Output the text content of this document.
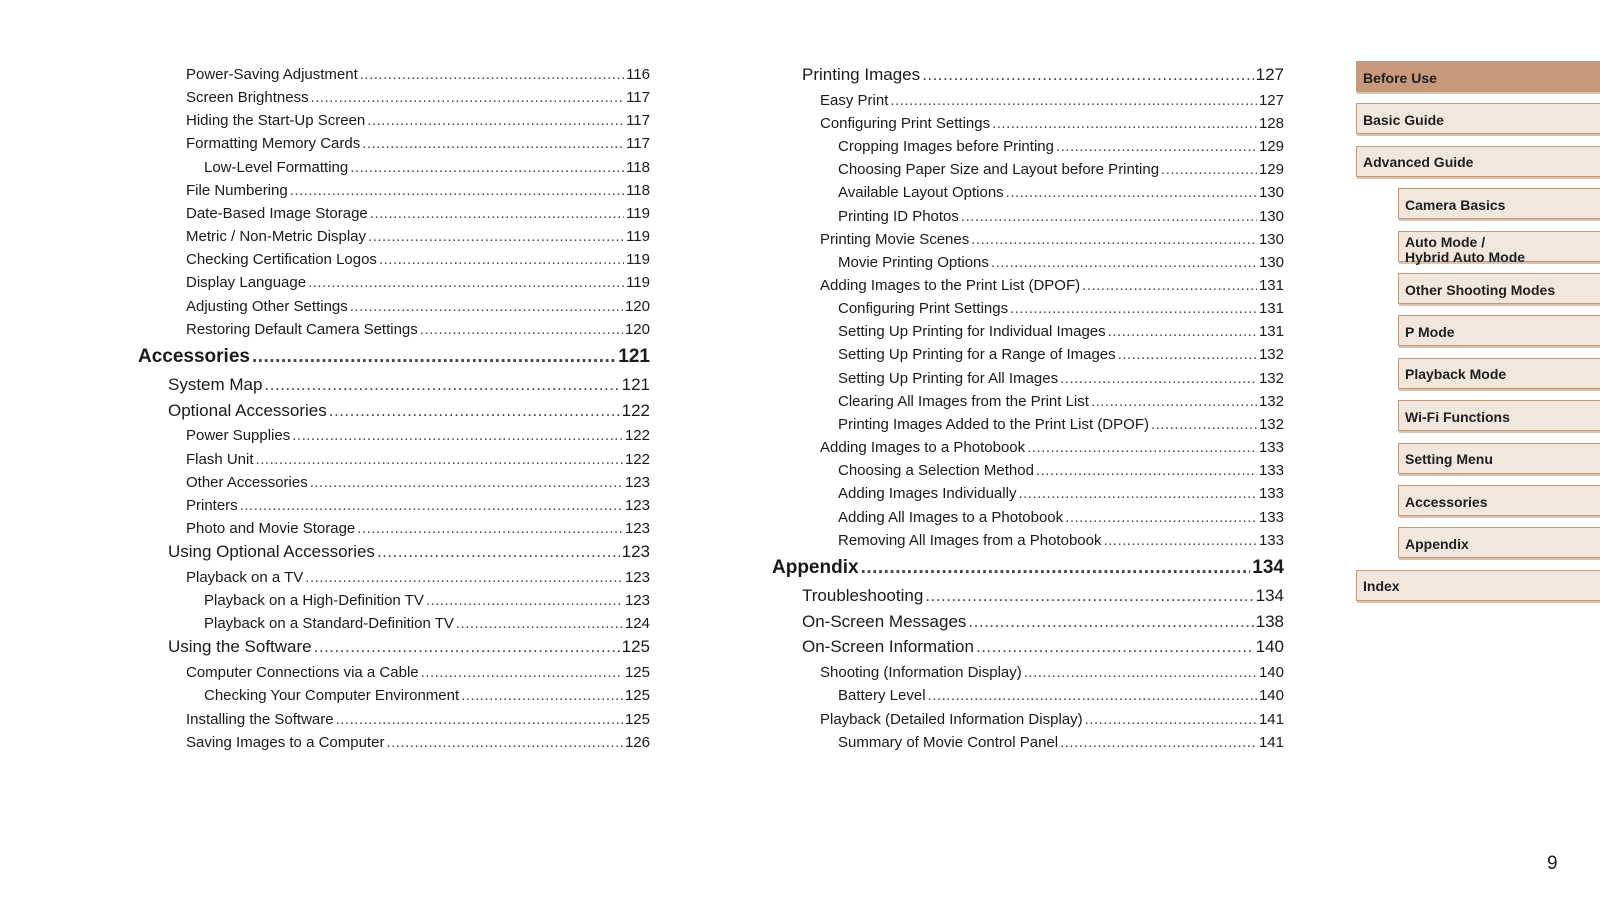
Power-Saving Adjustment .....	116
Screen Brightness .....	117
Hiding the Start-Up Screen .....	117
Formatting Memory Cards .....	117
Low-Level Formatting .....	118
File Numbering .....	118
Date-Based Image Storage .....	119
Metric / Non-Metric Display .....	119
Checking Certification Logos .....	119
Display Language .....	119
Adjusting Other Settings .....	120
Restoring Default Camera Settings .....	120
Accessories .....	121
System Map .....	121
Optional Accessories .....	122
Power Supplies .....	122
Flash Unit .....	122
Other Accessories .....	123
Printers .....	123
Photo and Movie Storage .....	123
Using Optional Accessories .....	123
Playback on a TV .....	123
Playback on a High-Definition TV .....	123
Playback on a Standard-Definition TV .....	124
Using the Software .....	125
Computer Connections via a Cable .....	125
Checking Your Computer Environment .....	125
Installing the Software .....	125
Saving Images to a Computer .....	126
Printing Images .....	127
Easy Print .....	127
Configuring Print Settings .....	128
Cropping Images before Printing .....	129
Choosing Paper Size and Layout before Printing .....	129
Available Layout Options .....	130
Printing ID Photos .....	130
Printing Movie Scenes .....	130
Movie Printing Options .....	130
Adding Images to the Print List (DPOF) .....	131
Configuring Print Settings .....	131
Setting Up Printing for Individual Images .....	131
Setting Up Printing for a Range of Images .....	132
Setting Up Printing for All Images .....	132
Clearing All Images from the Print List .....	132
Printing Images Added to the Print List (DPOF) .....	132
Adding Images to a Photobook .....	133
Choosing a Selection Method .....	133
Adding Images Individually .....	133
Adding All Images to a Photobook .....	133
Removing All Images from a Photobook .....	133
Appendix .....	134
Troubleshooting .....	134
On-Screen Messages .....	138
On-Screen Information .....	140
Shooting (Information Display) .....	140
Battery Level .....	140
Playback (Detailed Information Display) .....	141
Summary of Movie Control Panel .....	141
Before Use
Basic Guide
Advanced Guide
Camera Basics
Auto Mode /
Hybrid Auto Mode
Other Shooting Modes
P Mode
Playback Mode
Wi-Fi Functions
Setting Menu
Accessories
Appendix
Index
9
